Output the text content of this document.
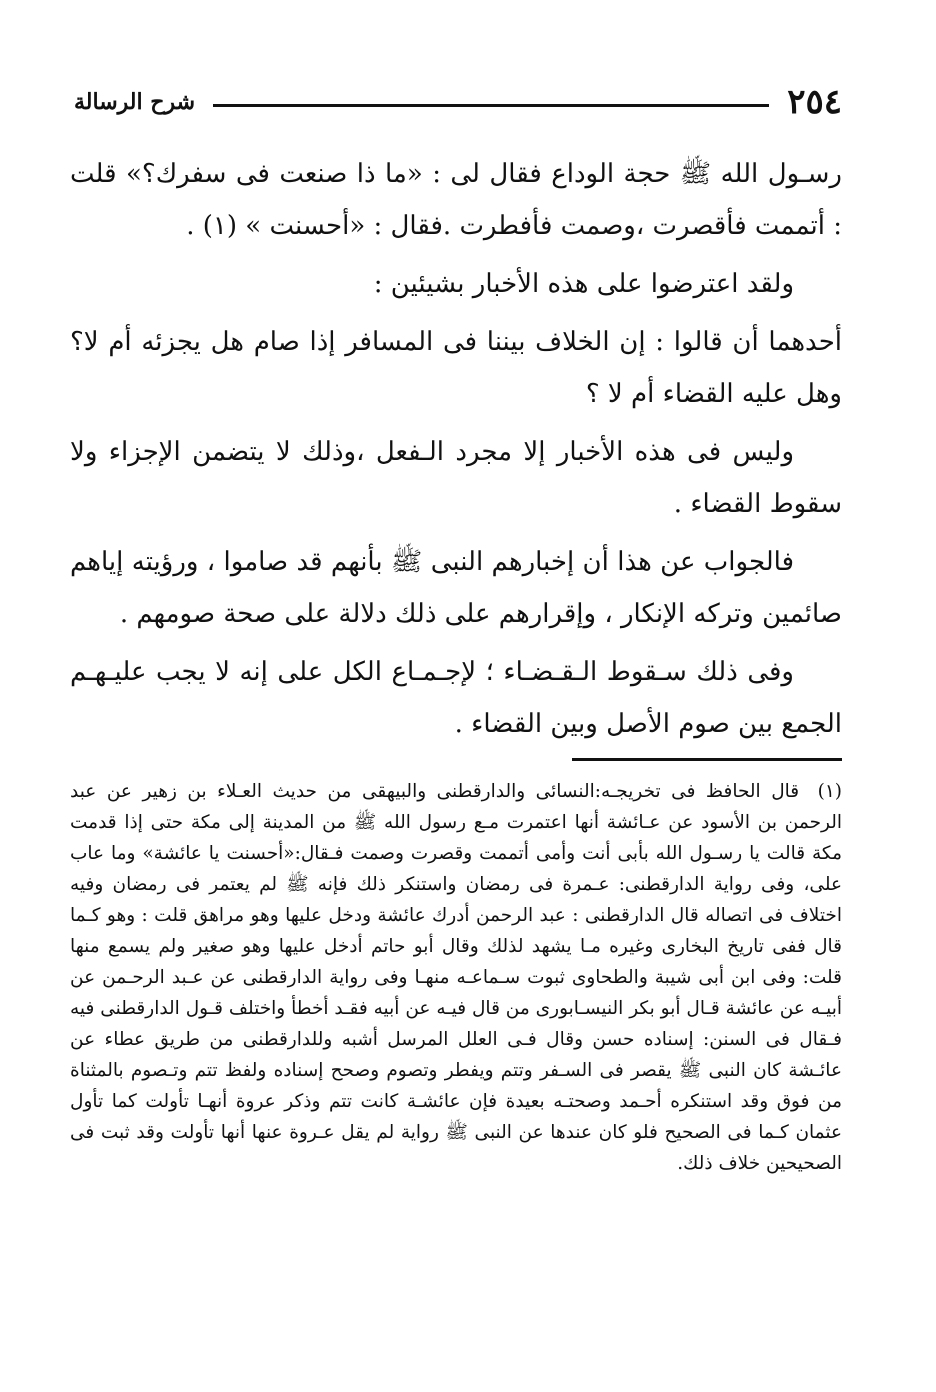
٢٥٤
شرح الرسالة

رسـول الله ﷺ حجة الوداع فقال لى : «ما ذا صنعت فى سفرك؟» قلت : أتممت فأقصرت ،وصمت فأفطرت .فقال : «أحسنت » (١) .

ولقد اعترضوا على هذه الأخبار بشيئين :

أحدهما أن قالوا : إن الخلاف بيننا فى المسافر إذا صام هل يجزئه أم لا؟ وهل عليه القضاء أم لا ؟

وليس فى هذه الأخبار إلا مجرد الـفعل ،وذلك لا يتضمن الإجزاء ولا سقوط القضاء .

فالجواب عن هذا أن إخبارهم النبى ﷺ بأنهم قد صاموا ، ورؤيته إياهم صائمين وتركه الإنكار ، وإقرارهم على ذلك دلالة على صحة صومهم .

وفى ذلك سـقوط الـقـضـاء ؛ لإجـمـاع الكل على إنه لا يجب عليـهـم الجمع بين صوم الأصل وبين القضاء .

(١) قال الحافظ فى تخريجـه:النسائى والدارقطنى والبيهقى من حديث العـلاء بن زهير عن عبد الرحمن بن الأسود عن عـائشة أنها اعتمرت مـع رسول الله ﷺ من المدينة إلى مكة حتى إذا قدمت مكة قالت يا رسـول الله بأبى أنت وأمى أتممت وقصرت وصمت فـقال:«أحسنت يا عائشة» وما عاب على، وفى رواية الدارقطنى: عـمرة فى رمضان واستنكر ذلك فإنه ﷺ لم يعتمر فى رمضان وفيه اختلاف فى اتصاله قال الدارقطنى : عبد الرحمن أدرك عائشة ودخل عليها وهو مراهق قلت : وهو كـما قال ففى تاريخ البخارى وغيره مـا يشهد لذلك وقال أبو حاتم أدخل عليها وهو صغير ولم يسمع منها قلت: وفى ابن أبى شيبة والطحاوى ثبوت سـماعـه منهـا وفى رواية الدارقطنى عن عـبد الرحـمن عن أبيـه عن عائشة قـال أبو بكر النيسـابورى من قال فيـه عن أبيه فقـد أخطأ واختلف قـول الدارقطنى فيه فـقال فى السنن: إسناده حسن وقال فـى العلل المرسل أشبه وللدارقطنى من طريق عطاء عن عائـشة كان النبى ﷺ يقصر فى السـفر وتتم ويفطر وتصوم وصحح إسناده ولفظ تتم وتـصوم بالمثناة من فوق وقد استنكره أحـمد وصحتـه بعيدة فإن عائشـة كانت تتم وذكر عروة أنهـا تأولت كما تأول عثمان كـما فى الصحيح فلو كان عندها عن النبى ﷺ رواية لم يقل عـروة عنها أنها تأولت وقد ثبت فى الصحيحين خلاف ذلك.
